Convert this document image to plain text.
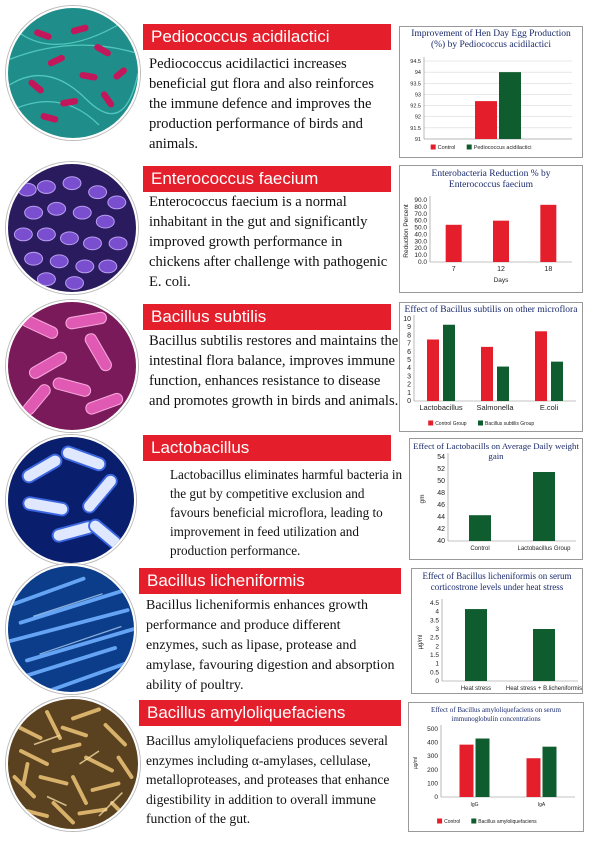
Pediococcus acidilactici
Pediococcus acidilactici increases beneficial gut flora and also reinforces the immune defence and improves the production performance of birds and animals.
Improvement of Hen Day Egg Production (%) by Pediococcus acidilactici
94.5
94
93.5
93
92.5
92
91.5
91
Control	Pediococcus acidilactici
Enterococcus faecium
Enterococcus faecium is a normal inhabitant in the gut and significantly improved growth performance in chickens after challenge with pathogenic E. coli.
Enterobacteria Reduction % by Enterococcus faecium
90.0
80.0
70.0
60.0
50.0
40.0
30.0
20.0
10.0
0.0
7	12	18
Days
Reduction Percent
Bacillus subtilis
Bacillus subtilis restores and maintains the intestinal flora balance, improves immune function, enhances resistance to disease and promotes growth in birds and animals.
Effect of Bacillus subtilis on other microflora
10
9
8
7
6
5
4
3
2
1
0
Lactobacillus Salmonella	E.coli
Control Group	Bacillus subtilis Group
Lactobacillus
Lactobacillus eliminates harmful bacteria in the gut by competitive exclusion and favours beneficial microflora, leading to improvement in feed utilization and production performance.
Effect of Lactobacills on Average Daily weight gain
54
52
50
48
46
44
42
40
Control	Lactobacillus Group
gm
Bacillus licheniformis
Bacillus licheniformis enhances growth performance and produce different enzymes, such as lipase, protease and amylase, favouring digestion and absorption ability of poultry.
Effect of Bacillus licheniformis on serum corticostrone levels under heat stress
4.5
4
3.5
3
2.5
2
1.5
1
0.5
0
Heat stress Heat stress + B.licheniformis
µg/ml
Bacillus amyloliquefaciens
Bacillus amyloliquefaciens produces several enzymes including α-amylases, cellulase, metalloproteases, and proteases that enhance digestibility in addition to overall immune function of the gut.
Effect of Bacillus amyloliquefaciens on serum immunoglobulin concentrations
500
400
300
200
100
0
IgG	IgA
µg/ml
Control	Bacillus amyloliquefaciens
